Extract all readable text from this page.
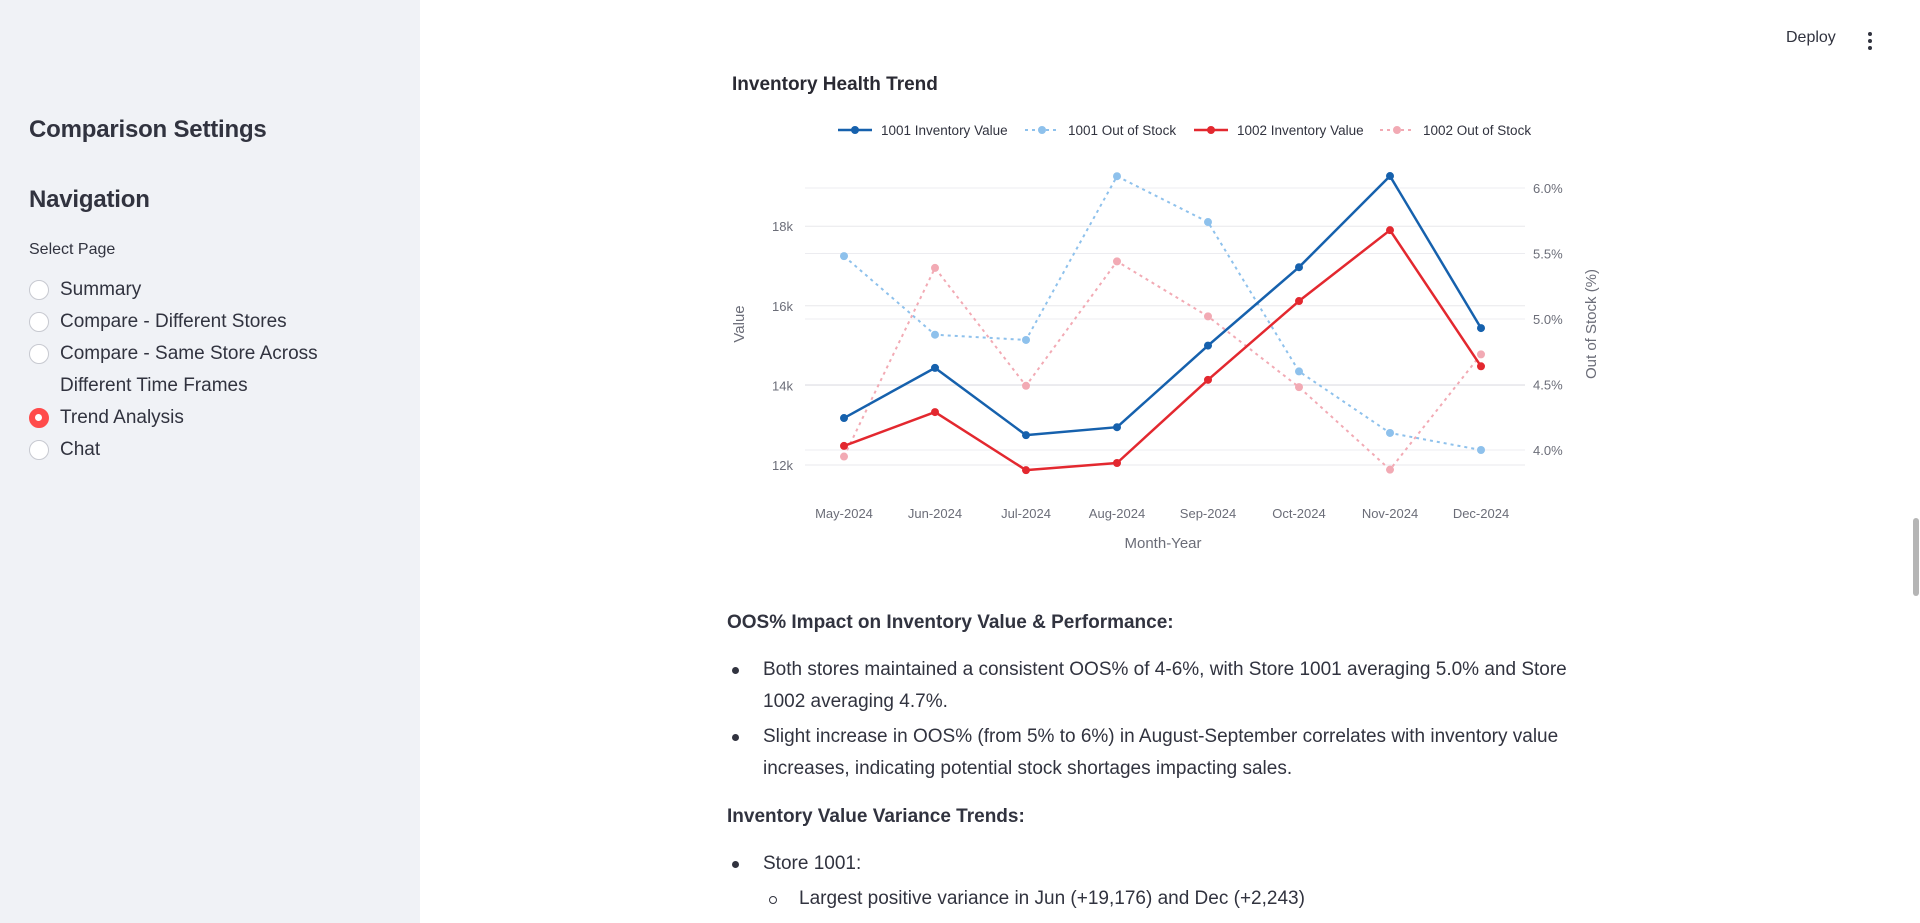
Comparison Settings
Navigation
Select Page
Summary
Compare - Different Stores
Compare - Same Store Across Different Time Frames
Trend Analysis
Chat
Deploy
Inventory Health Trend
12k
14k
16k
18k
4.0%
4.5%
5.0%
5.5%
6.0%
May-2024	Jun-2024	Jul-2024	Aug-2024	Sep-2024	Oct-2024	Nov-2024	Dec-2024
Month-Year
Value	Out of Stock (%)
1001 Inventory Value	1001 Out of Stock	1002 Inventory Value	1002 Out of Stock
OOS% Impact on Inventory Value & Performance:
Both stores maintained a consistent OOS% of 4-6%, with Store 1001 averaging 5.0% and Store 1002 averaging 4.7%.
Slight increase in OOS% (from 5% to 6%) in August-September correlates with inventory value increases, indicating potential stock shortages impacting sales.
Inventory Value Variance Trends:
Store 1001:
Largest positive variance in Jun (+19,176) and Dec (+2,243)
